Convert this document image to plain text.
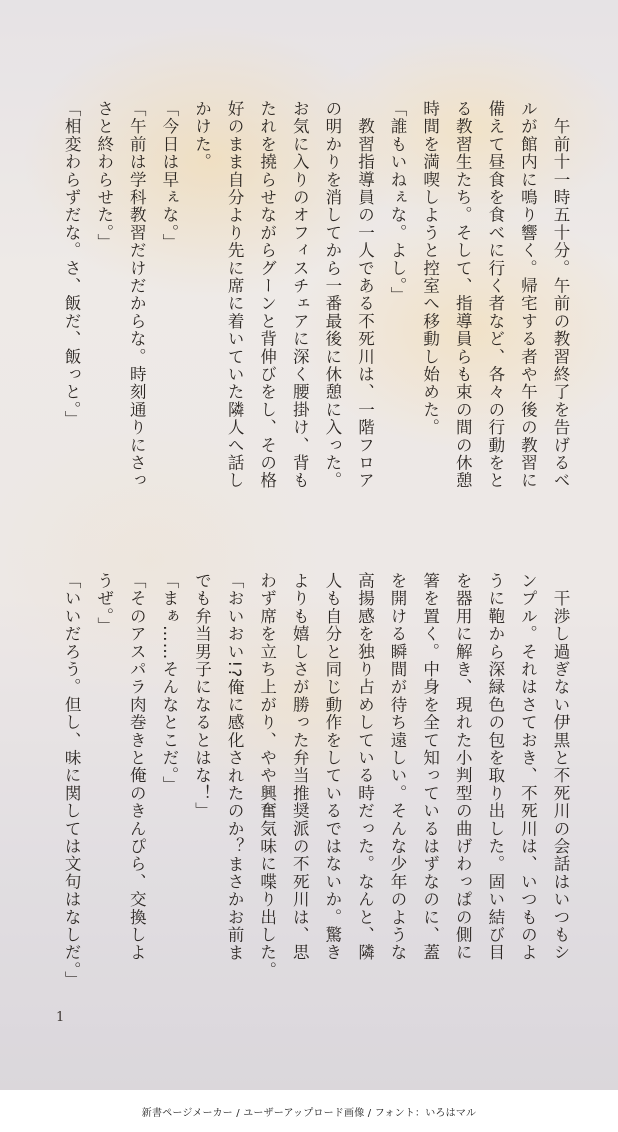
　午前十一時五十分。午前の教習終了を告げるベ
ルが館内に鳴り響く。帰宅する者や午後の教習に
備えて昼食を食べに行く者など、各々の行動をと
る教習生たち。そして、指導員らも束の間の休憩
時間を満喫しようと控室へ移動し始めた。
「誰もいねぇな。よし。」
　教習指導員の一人である不死川は、一階フロア
の明かりを消してから一番最後に休憩に入った。
お気に入りのオフィスチェアに深く腰掛け、背も
たれを撓らせながらグーンと背伸びをし、その格
好のまま自分より先に席に着いていた隣人へ話し
かけた。
「今日は早ぇな。」
「午前は学科教習だけだからな。時刻通りにさっ
さと終わらせた。」
「相変わらずだな。さ、飯だ、飯っと。」
　干渉し過ぎない伊黒と不死川の会話はいつもシ
ンプル。それはさておき、不死川は、いつものよ
うに鞄から深緑色の包を取り出した。固い結び目
を器用に解き、現れた小判型の曲げわっぱの側に
箸を置く。中身を全て知っているはずなのに、蓋
を開ける瞬間が待ち遠しい。そんな少年のような
高揚感を独り占めしている時だった。なんと、隣
人も自分と同じ動作をしているではないか。驚き
よりも嬉しさが勝った弁当推奨派の不死川は、思
わず席を立ち上がり、やや興奮気味に喋り出した。
「おいおい!?俺に感化されたのか？まさかお前ま
でも弁当男子になるとはな！」
「まぁ……そんなとこだ。」
「そのアスパラ肉巻きと俺のきんぴら、交換しよ
うぜ。」
「いいだろう。但し、味に関しては文句はなしだ。」
1
新書ページメーカー / ユーザーアップロード画像 / フォント：いろはマル
